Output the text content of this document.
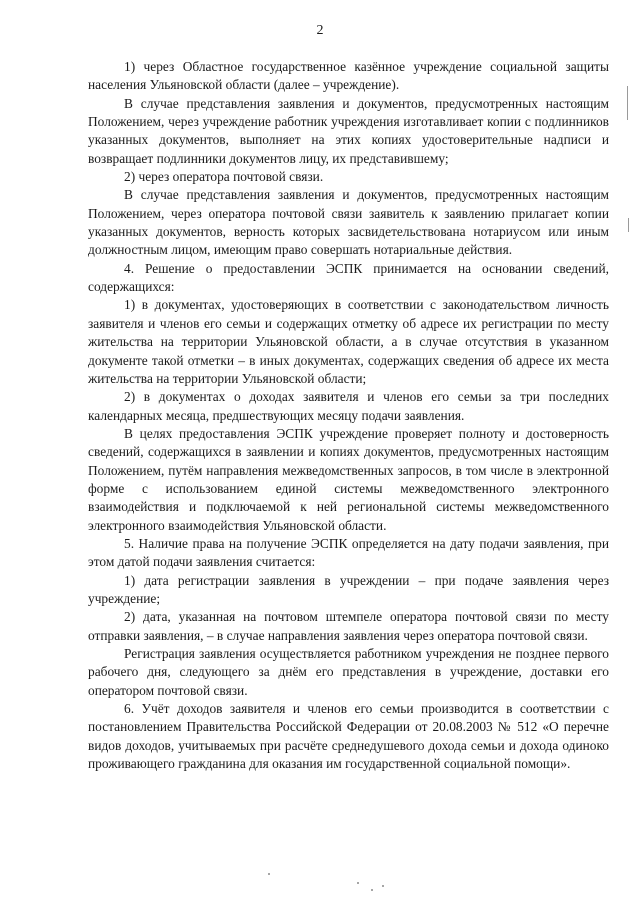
2

1) через Областное государственное казённое учреждение социальной защиты населения Ульяновской области (далее – учреждение).

В случае представления заявления и документов, предусмотренных настоящим Положением, через учреждение работник учреждения изготавливает копии с подлинников указанных документов, выполняет на этих копиях удостоверительные надписи и возвращает подлинники документов лицу, их представившему;

2) через оператора почтовой связи.

В случае представления заявления и документов, предусмотренных настоящим Положением, через оператора почтовой связи заявитель к заявлению прилагает копии указанных документов, верность которых засвидетельствована нотариусом или иным должностным лицом, имеющим право совершать нотариальные действия.

4. Решение о предоставлении ЭСПК принимается на основании сведений, содержащихся:

1) в документах, удостоверяющих в соответствии с законодательством личность заявителя и членов его семьи и содержащих отметку об адресе их регистрации по месту жительства на территории Ульяновской области, а в случае отсутствия в указанном документе такой отметки – в иных документах, содержащих сведения об адресе их места жительства на территории Ульяновской области;

2) в документах о доходах заявителя и членов его семьи за три последних календарных месяца, предшествующих месяцу подачи заявления.

В целях предоставления ЭСПК учреждение проверяет полноту и достоверность сведений, содержащихся в заявлении и копиях документов, предусмотренных настоящим Положением, путём направления межведомственных запросов, в том числе в электронной форме с использованием единой системы межведомственного электронного взаимодействия и подключаемой к ней региональной системы межведомственного электронного взаимодействия Ульяновской области.

5. Наличие права на получение ЭСПК определяется на дату подачи заявления, при этом датой подачи заявления считается:

1) дата регистрации заявления в учреждении – при подаче заявления через учреждение;

2) дата, указанная на почтовом штемпеле оператора почтовой связи по месту отправки заявления, – в случае направления заявления через оператора почтовой связи.

Регистрация заявления осуществляется работником учреждения не позднее первого рабочего дня, следующего за днём его представления в учреждение, доставки его оператором почтовой связи.

6. Учёт доходов заявителя и членов его семьи производится в соответствии с постановлением Правительства Российской Федерации от 20.08.2003 № 512 «О перечне видов доходов, учитываемых при расчёте среднедушевого дохода семьи и дохода одиноко проживающего гражданина для оказания им государственной социальной помощи».
